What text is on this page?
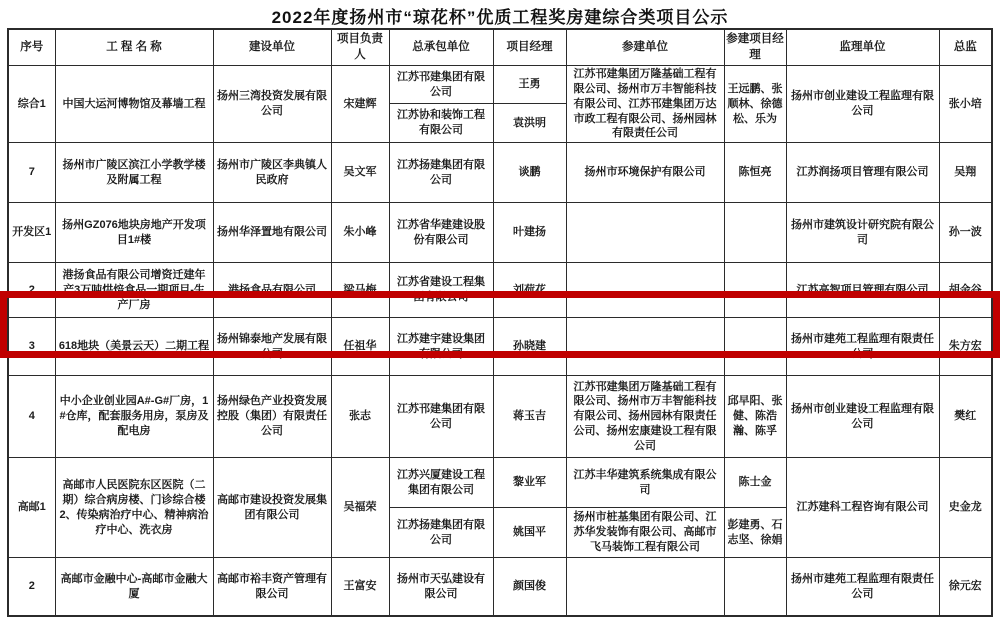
2022年度扬州市“琼花杯”优质工程奖房建综合类项目公示
序号	工 程 名 称	建设单位	项目负责人	总承包单位	项目经理	参建单位	参建项目经理	监理单位	总监
综合1	中国大运河博物馆及幕墙工程	扬州三湾投资发展有限公司	宋建辉	江苏邗建集团有限公司	王勇	江苏邗建集团万隆基础工程有限公司、扬州市万丰智能科技有限公司、江苏邗建集团万达市政工程有限公司、扬州园林有限责任公司	王远鹏、张顺林、徐德松、乐为	扬州市创业建设工程监理有限公司	张小培
				江苏协和装饰工程有限公司	袁洪明				
7	扬州市广陵区滨江小学教学楼及附属工程	扬州市广陵区李典镇人民政府	吴文军	江苏扬建集团有限公司	谈鹏	扬州市环境保护有限公司	陈恒亮	江苏润扬项目管理有限公司	吴翔
开发区1	扬州GZ076地块房地产开发项目1#楼	扬州华泽置地有限公司	朱小峰	江苏省华建建设股份有限公司	叶建扬			扬州市建筑设计研究院有限公司	孙一波
2	港扬食品有限公司增资迁建年产3万吨烘焙食品一期项目-生产厂房	港扬食品有限公司	梁马梅	江苏省建设工程集团有限公司	刘荷花			江苏高智项目管理有限公司	胡金谷
3	618地块（美景云天）二期工程	扬州锦泰地产发展有限公司	任祖华	江苏建宇建设集团有限公司	孙晓建			扬州市建苑工程监理有限责任公司	朱方宏
4	中小企业创业园A#-G#厂房，1#仓库，配套服务用房，泵房及配电房	扬州绿色产业投资发展控股（集团）有限责任公司	张志	江苏邗建集团有限公司	蒋玉吉	江苏邗建集团万隆基础工程有限公司、扬州市万丰智能科技有限公司、扬州园林有限责任公司、扬州宏康建设工程有限公司	邱早阳、张健、陈浩瀚、陈孚	扬州市创业建设工程监理有限公司	樊红
高邮1	高邮市人民医院东区医院（二期）综合病房楼、门诊综合楼2、传染病治疗中心、精神病治疗中心、洗衣房	高邮市建设投资发展集团有限公司	吴福荣	江苏兴厦建设工程集团有限公司	黎业军	江苏丰华建筑系统集成有限公司	陈士金	江苏建科工程咨询有限公司	史金龙
				江苏扬建集团有限公司	姚国平	扬州市桩基集团有限公司、江苏华发装饰有限公司、高邮市飞马装饰工程有限公司	彭建勇、石志坚、徐娟		
2	高邮市金融中心-高邮市金融大厦	高邮市裕丰资产管理有限公司	王富安	扬州市天弘建设有限公司	颜国俊			扬州市建苑工程监理有限责任公司	徐元宏
